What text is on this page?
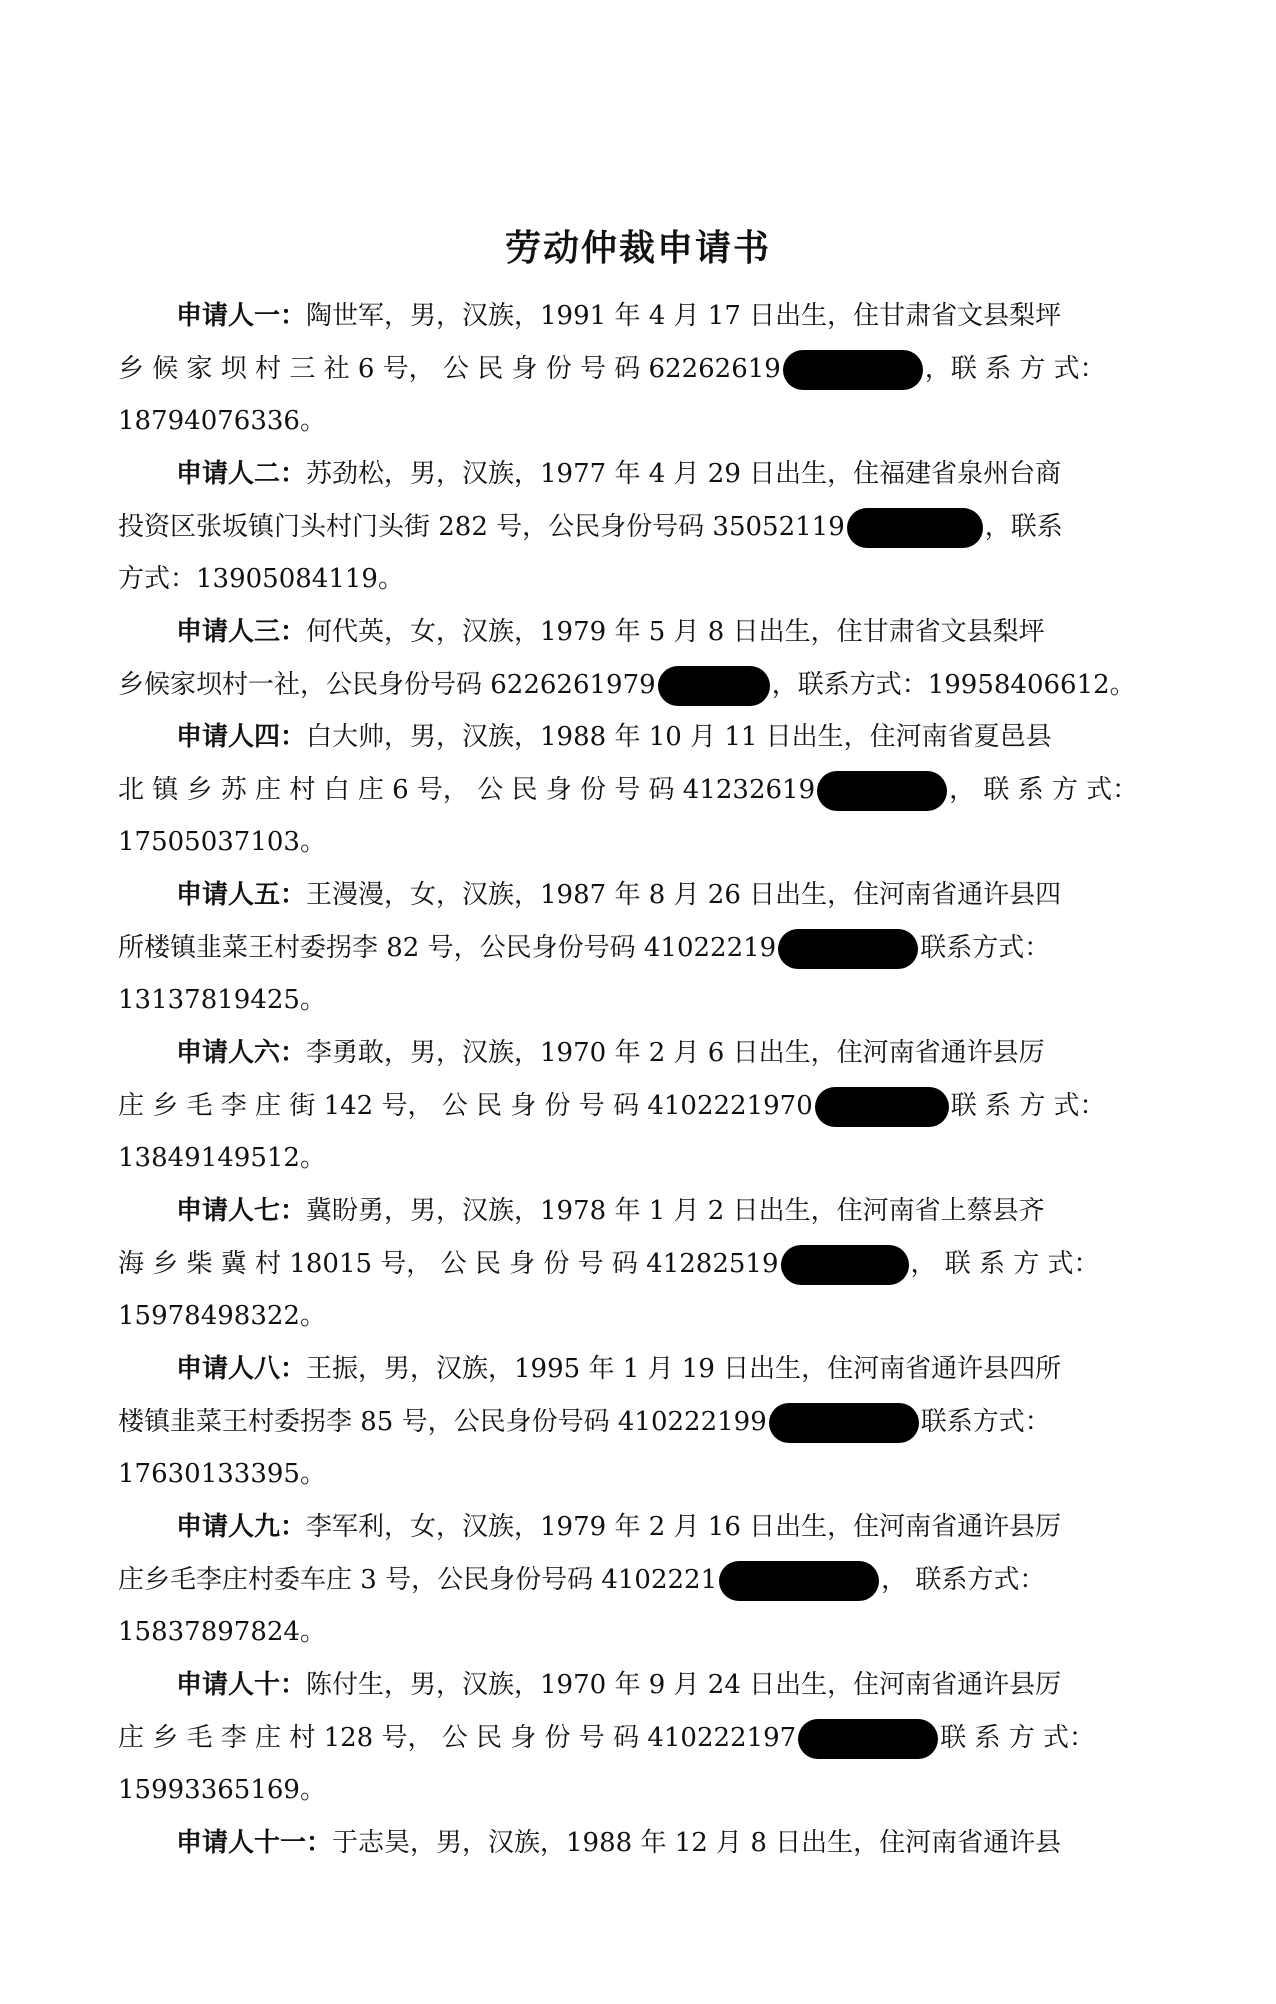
劳动仲裁申请书
申请人一：陶世军，男，汉族，1991 年 4 月 17 日出生，住甘肃省文县梨坪
乡 候 家 坝 村 三 社 6 号， 公 民 身 份 号 码 62262619	，联 系 方 式：
18794076336。
申请人二：苏劲松，男，汉族，1977 年 4 月 29 日出生，住福建省泉州台商
投资区张坂镇门头村门头街 282 号，公民身份号码 35052119	，联系
方式：13905084119。
申请人三：何代英，女，汉族，1979 年 5 月 8 日出生，住甘肃省文县梨坪
乡候家坝村一社，公民身份号码 6226261979	，联系方式：19958406612。
申请人四：白大帅，男，汉族，1988 年 10 月 11 日出生，住河南省夏邑县
北 镇 乡 苏 庄 村 白 庄 6 号， 公 民 身 份 号 码 41232619	， 联 系 方 式：
17505037103。
申请人五：王漫漫，女，汉族，1987 年 8 月 26 日出生，住河南省通许县四
所楼镇韭菜王村委拐李 82 号，公民身份号码 41022219	联系方式：
13137819425。
申请人六：李勇敢，男，汉族，1970 年 2 月 6 日出生，住河南省通许县厉
庄 乡 毛 李 庄 街 142 号， 公 民 身 份 号 码 4102221970	联 系 方 式：
13849149512。
申请人七：冀盼勇，男，汉族，1978 年 1 月 2 日出生，住河南省上蔡县齐
海 乡 柴 冀 村 18015 号， 公 民 身 份 号 码 41282519	， 联 系 方 式：
15978498322。
申请人八：王振，男，汉族，1995 年 1 月 19 日出生，住河南省通许县四所
楼镇韭菜王村委拐李 85 号，公民身份号码 410222199	联系方式：
17630133395。
申请人九：李军利，女，汉族，1979 年 2 月 16 日出生，住河南省通许县厉
庄乡毛李庄村委车庄 3 号，公民身份号码 4102221	， 联系方式：
15837897824。
申请人十：陈付生，男，汉族，1970 年 9 月 24 日出生，住河南省通许县厉
庄 乡 毛 李 庄 村 128 号， 公 民 身 份 号 码 410222197	联 系 方 式：
15993365169。
申请人十一：于志昊，男，汉族，1988 年 12 月 8 日出生，住河南省通许县
